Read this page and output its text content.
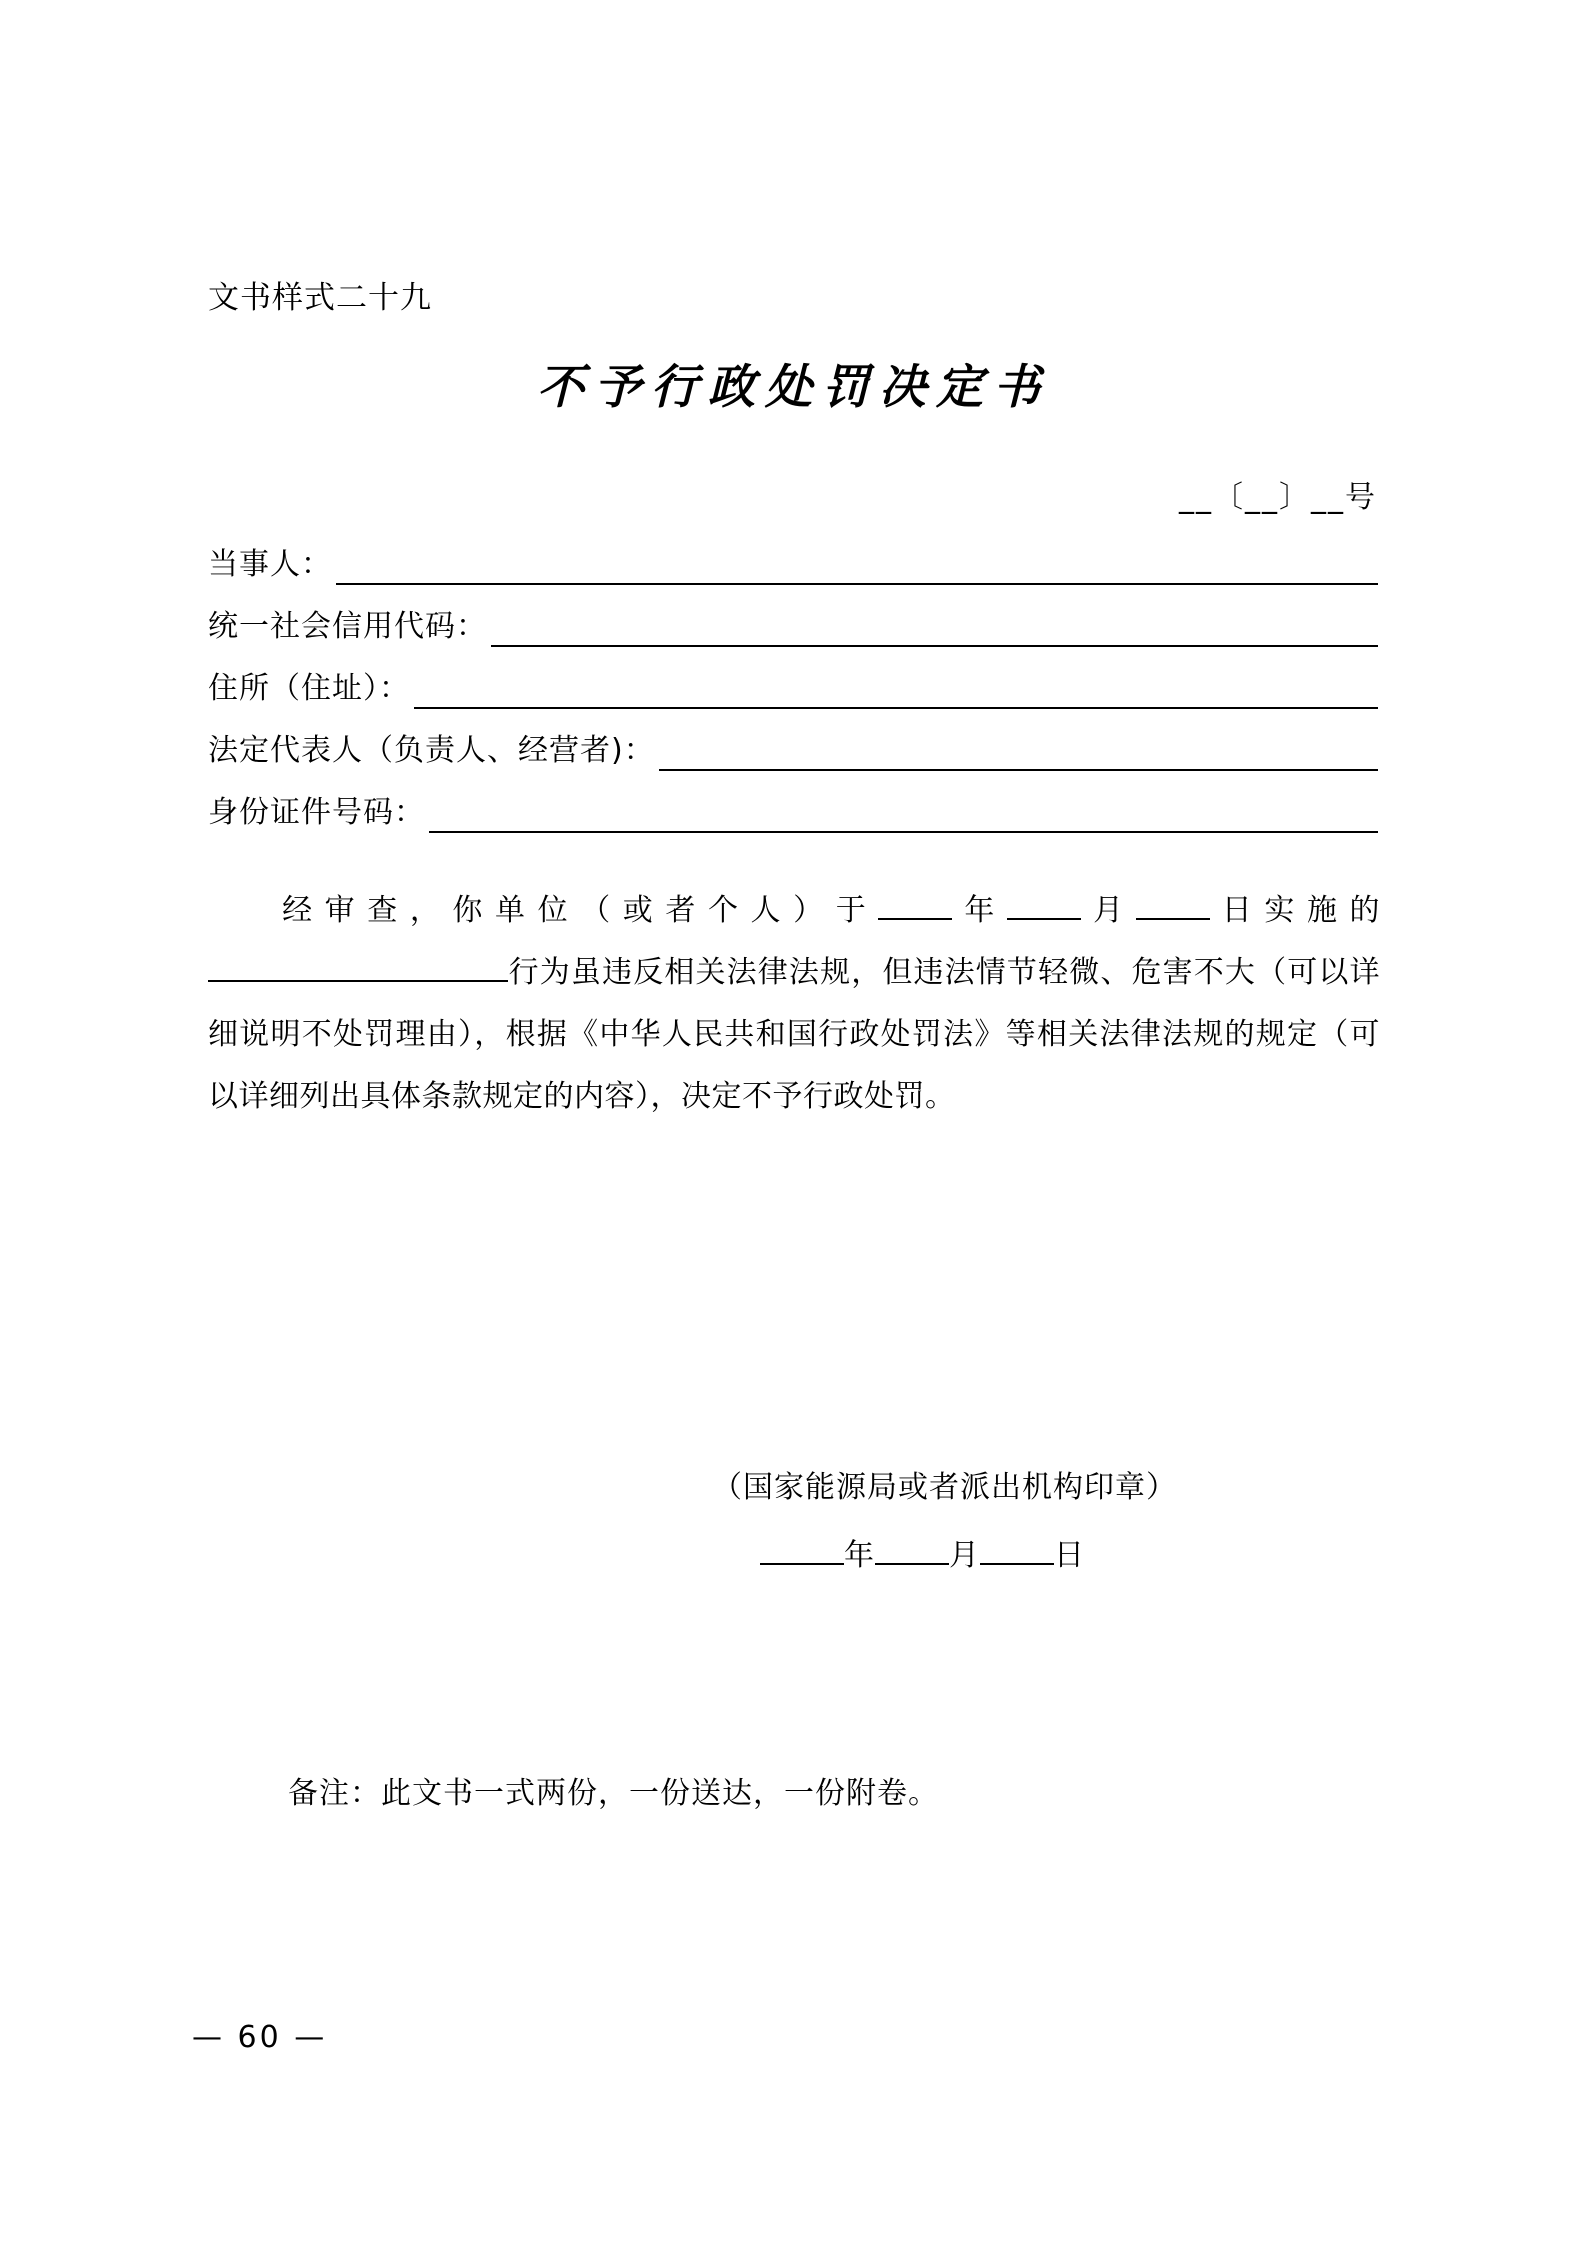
文书样式二十九
不予行政处罚决定书
__〔__〕__号
当事人：
统一社会信用代码：
住所（住址）：
法定代表人（负责人、经营者)：
身份证件号码：
经审查，你单位（或者个人）于 年 月 日实施的行为虽违反相关法律法规，但违法情节轻微、危害不大（可以详细说明不处罚理由），根据《中华人民共和国行政处罚法》等相关法律法规的规定（可以详细列出具体条款规定的内容），决定不予行政处罚。
（国家能源局或者派出机构印章）
年 月 日
备注：此文书一式两份，一份送达，一份附卷。
— 60 —
